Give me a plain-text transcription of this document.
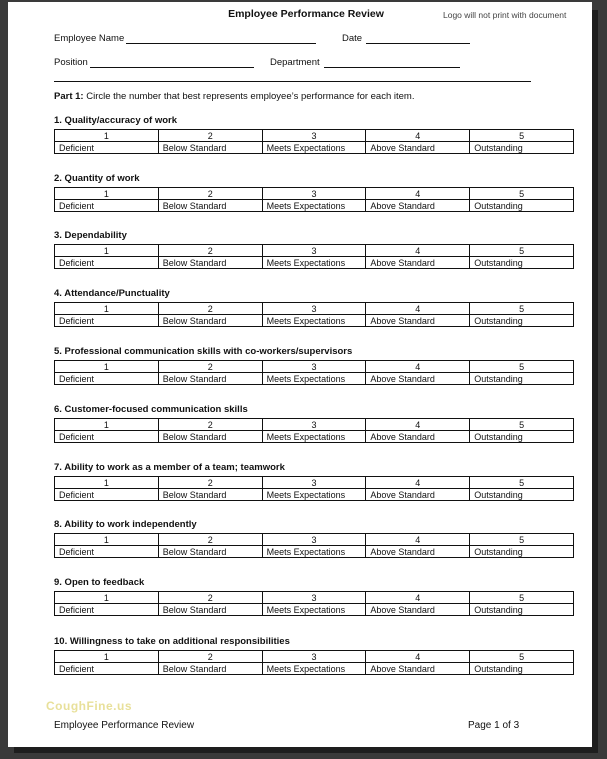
Employee Performance Review	Logo will not print with document
Employee Name	Date
Position	Department
Part 1: Circle the number that best represents employee’s performance for each item.
1. Quality/accuracy of work
1	2	3	4	5
Deficient	Below Standard	Meets Expectations	Above Standard	Outstanding
2. Quantity of work
1	2	3	4	5
Deficient	Below Standard	Meets Expectations	Above Standard	Outstanding
3. Dependability
1	2	3	4	5
Deficient	Below Standard	Meets Expectations	Above Standard	Outstanding
4. Attendance/Punctuality
1	2	3	4	5
Deficient	Below Standard	Meets Expectations	Above Standard	Outstanding
5. Professional communication skills with co-workers/supervisors
1	2	3	4	5
Deficient	Below Standard	Meets Expectations	Above Standard	Outstanding
6. Customer-focused communication skills
1	2	3	4	5
Deficient	Below Standard	Meets Expectations	Above Standard	Outstanding
7. Ability to work as a member of a team; teamwork
1	2	3	4	5
Deficient	Below Standard	Meets Expectations	Above Standard	Outstanding
8. Ability to work independently
1	2	3	4	5
Deficient	Below Standard	Meets Expectations	Above Standard	Outstanding
9. Open to feedback
1	2	3	4	5
Deficient	Below Standard	Meets Expectations	Above Standard	Outstanding
10. Willingness to take on additional responsibilities
1	2	3	4	5
Deficient	Below Standard	Meets Expectations	Above Standard	Outstanding
CoughFine.us
Employee Performance Review	Page 1 of 3
